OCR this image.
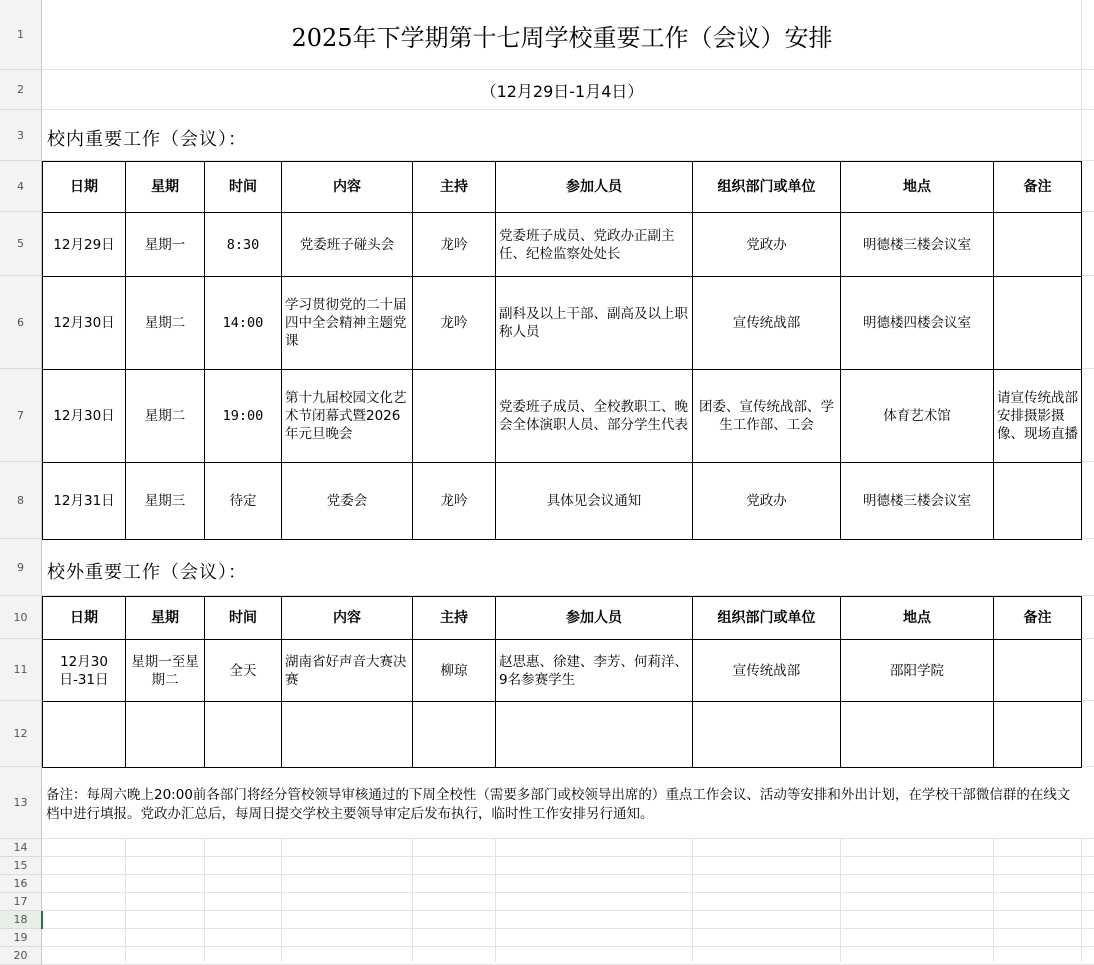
1
2
3
4
5
6
7
8
9
10
11
12
13
14
15
16
17
18
19
20
2025年下学期第十七周学校重要工作（会议）安排
（12月29日-1月4日）
校内重要工作（会议）：
日期	星期	时间	内容	主持	参加人员	组织部门或单位	地点	备注
12月29日	星期一	8:30	党委班子碰头会	龙吟	党委班子成员、党政办正副主任、纪检监察处处长	党政办	明德楼三楼会议室	
12月30日	星期二	14:00	学习贯彻党的二十届四中全会精神主题党课	龙吟	副科及以上干部、副高及以上职称人员	宣传统战部	明德楼四楼会议室	
12月30日	星期二	19:00	第十九届校园文化艺术节闭幕式暨2026年元旦晚会		党委班子成员、全校教职工、晚会全体演职人员、部分学生代表	团委、宣传统战部、学生工作部、工会	体育艺术馆	请宣传统战部安排摄影摄像、现场直播
12月31日	星期三	待定	党委会	龙吟	具体见会议通知	党政办	明德楼三楼会议室	
校外重要工作（会议）：
日期	星期	时间	内容	主持	参加人员	组织部门或单位	地点	备注
12月30日-31日	星期一至星期二	全天	湖南省好声音大赛决赛	柳琼	赵思惠、徐建、李芳、何莉洋、9名参赛学生	宣传统战部	邵阳学院	

备注：每周六晚上20:00前各部门将经分管校领导审核通过的下周全校性（需要多部门或校领导出席的）重点工作会议、活动等安排和外出计划，在学校干部微信群的在线文档中进行填报。党政办汇总后，每周日提交学校主要领导审定后发布执行，临时性工作安排另行通知。
